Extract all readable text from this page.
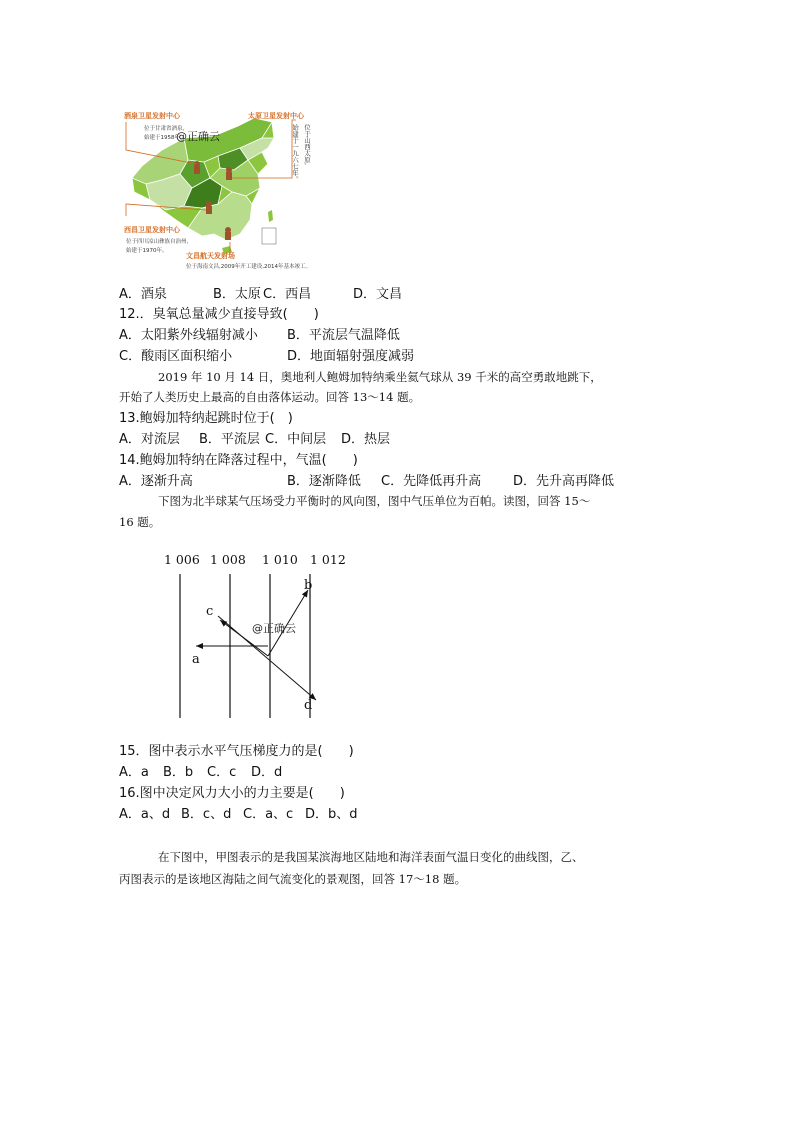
酒泉卫星发射中心
位于甘肃省酒泉,
始建于1958年。
太原卫星发射中心
始建于一九六七年。 位于山西太原,
西昌卫星发射中心
位于四川凉山彝族自治州,
始建于1970年。
文昌航天发射场
位于海南文昌,2009年开工建设,2014年基本竣工。
@正确云
A．酒泉	B．太原 C．西昌	D．文昌
12.．臭氧总量减少直接导致(　　)
A．太阳紫外线辐射减小 B．平流层气温降低
C．酸雨区面积缩小	D．地面辐射强度减弱
2019 年 10 月 14 日，奥地利人鲍姆加特纳乘坐氦气球从 39 千米的高空勇敢地跳下，
开始了人类历史上最高的自由落体运动。回答 13～14 题。
13.鲍姆加特纳起跳时位于(　)
A．对流层 B．平流层 C．中间层 D．热层
14.鲍姆加特纳在降落过程中，气温(　　)
A．逐渐升高	B．逐渐降低 C．先降低再升高 D．先升高再降低
下图为北半球某气压场受力平衡时的风向图，图中气压单位为百帕。读图，回答 15～
16 题。
1 006 1 008 1 010 1 012
a
b
c
d
@正确云
15．图中表示水平气压梯度力的是(　　)
A．a B．b C．c D．d
16.图中决定风力大小的力主要是(　　)
A．a、d B．c、d C．a、c D．b、d
在下图中，甲图表示的是我国某滨海地区陆地和海洋表面气温日变化的曲线图，乙、
丙图表示的是该地区海陆之间气流变化的景观图，回答 17～18 题。
